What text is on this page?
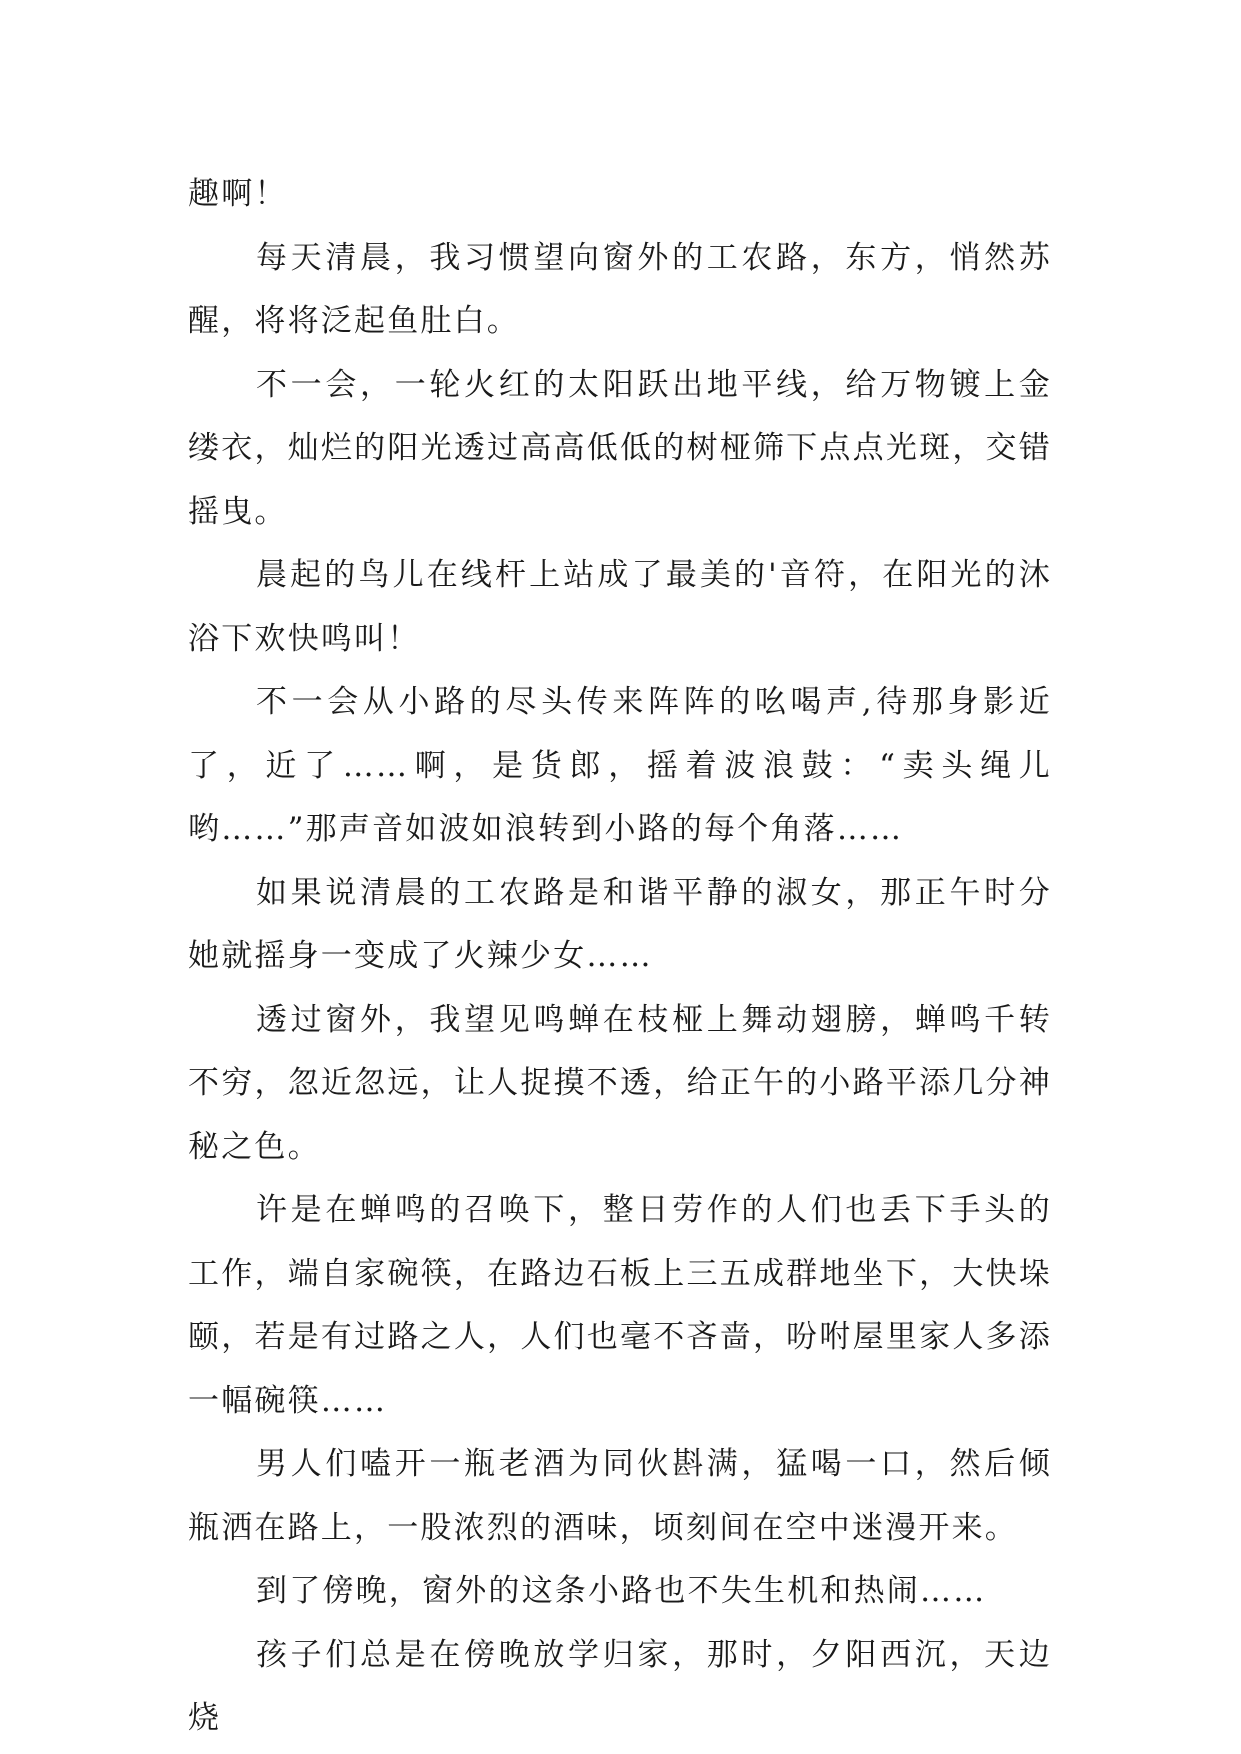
趣啊！

每天清晨，我习惯望向窗外的工农路，东方，悄然苏醒，将将泛起鱼肚白。

不一会，一轮火红的太阳跃出地平线，给万物镀上金缕衣，灿烂的阳光透过高高低低的树桠筛下点点光斑，交错摇曳。

晨起的鸟儿在线杆上站成了最美的'音符，在阳光的沐浴下欢快鸣叫！

不一会从小路的尽头传来阵阵的吆喝声,待那身影近了，近了……啊，是货郎，摇着波浪鼓：“卖头绳儿哟……”那声音如波如浪转到小路的每个角落……

如果说清晨的工农路是和谐平静的淑女，那正午时分她就摇身一变成了火辣少女……

透过窗外，我望见鸣蝉在枝桠上舞动翅膀，蝉鸣千转不穷，忽近忽远，让人捉摸不透，给正午的小路平添几分神秘之色。

许是在蝉鸣的召唤下，整日劳作的人们也丢下手头的工作，端自家碗筷，在路边石板上三五成群地坐下，大快垛颐，若是有过路之人，人们也毫不吝啬，吩咐屋里家人多添一幅碗筷……

男人们嗑开一瓶老酒为同伙斟满，猛喝一口，然后倾瓶洒在路上，一股浓烈的酒味，顷刻间在空中迷漫开来。

到了傍晚，窗外的这条小路也不失生机和热闹……

孩子们总是在傍晚放学归家，那时，夕阳西沉，天边烧
